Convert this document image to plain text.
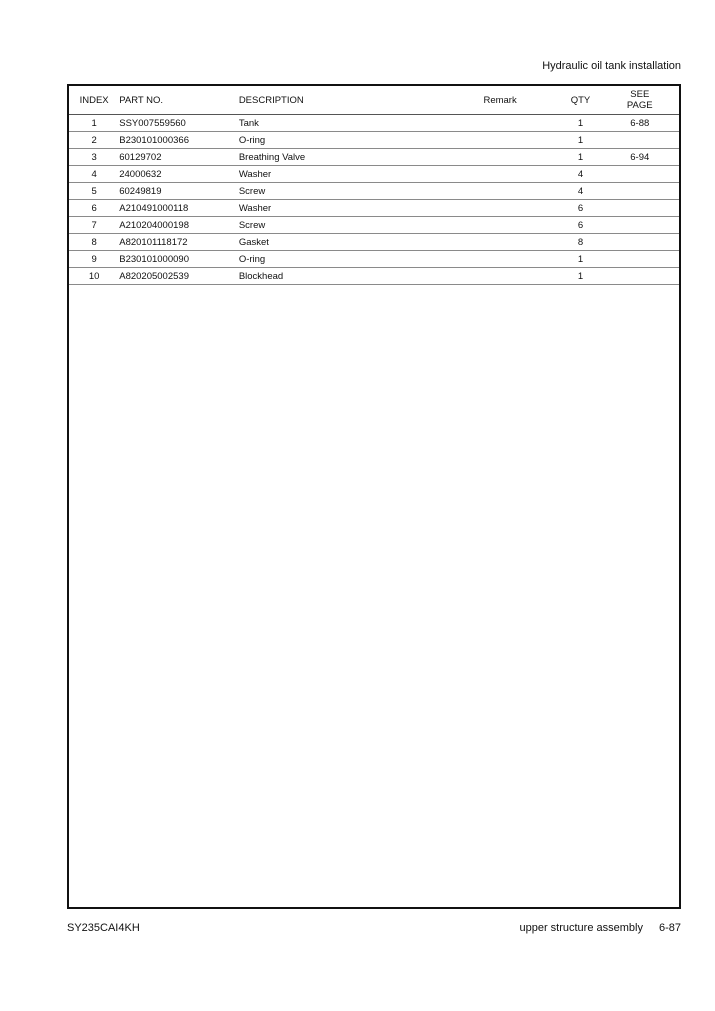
Hydraulic oil tank installation
INDEX	PART NO.	DESCRIPTION	Remark	QTY	SEE
PAGE

1	SSY007559560	Tank		1	6-88
2	B230101000366	O-ring		1	
3	60129702	Breathing Valve		1	6-94
4	24000632	Washer		4	
5	60249819	Screw		4	
6	A210491000118	Washer		6	
7	A210204000198	Screw		6	
8	A820101118172	Gasket		8	
9	B230101000090	O-ring		1	
10	A820205002539	Blockhead		1	
SY235CAI4KH	upper structure assembly 6-87
